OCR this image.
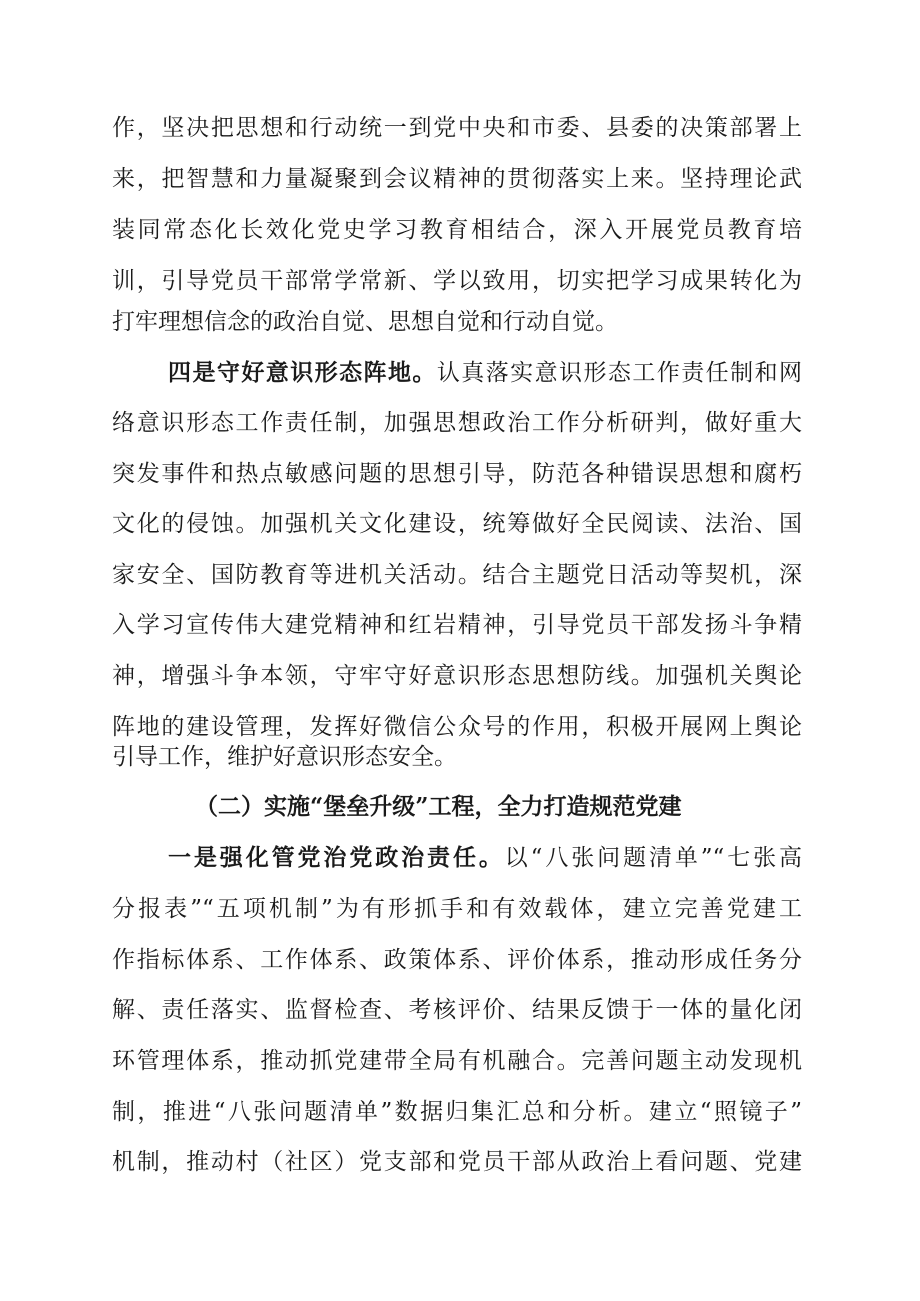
作，坚决把思想和行动统一到党中央和市委、县委的决策部署上
来，把智慧和力量凝聚到会议精神的贯彻落实上来。坚持理论武
装同常态化长效化党史学习教育相结合，深入开展党员教育培
训，引导党员干部常学常新、学以致用，切实把学习成果转化为
打牢理想信念的政治自觉、思想自觉和行动自觉。
四是守好意识形态阵地。认真落实意识形态工作责任制和网
络意识形态工作责任制，加强思想政治工作分析研判，做好重大
突发事件和热点敏感问题的思想引导，防范各种错误思想和腐朽
文化的侵蚀。加强机关文化建设，统筹做好全民阅读、法治、国
家安全、国防教育等进机关活动。结合主题党日活动等契机，深
入学习宣传伟大建党精神和红岩精神，引导党员干部发扬斗争精
神，增强斗争本领，守牢守好意识形态思想防线。加强机关舆论
阵地的建设管理，发挥好微信公众号的作用，积极开展网上舆论
引导工作，维护好意识形态安全。
（二）实施“堡垒升级”工程，全力打造规范党建
一是强化管党治党政治责任。以“八张问题清单”“七张高
分报表”“五项机制”为有形抓手和有效载体，建立完善党建工
作指标体系、工作体系、政策体系、评价体系，推动形成任务分
解、责任落实、监督检查、考核评价、结果反馈于一体的量化闭
环管理体系，推动抓党建带全局有机融合。完善问题主动发现机
制，推进“八张问题清单”数据归集汇总和分析。建立“照镜子”
机制，推动村（社区）党支部和党员干部从政治上看问题、党建
